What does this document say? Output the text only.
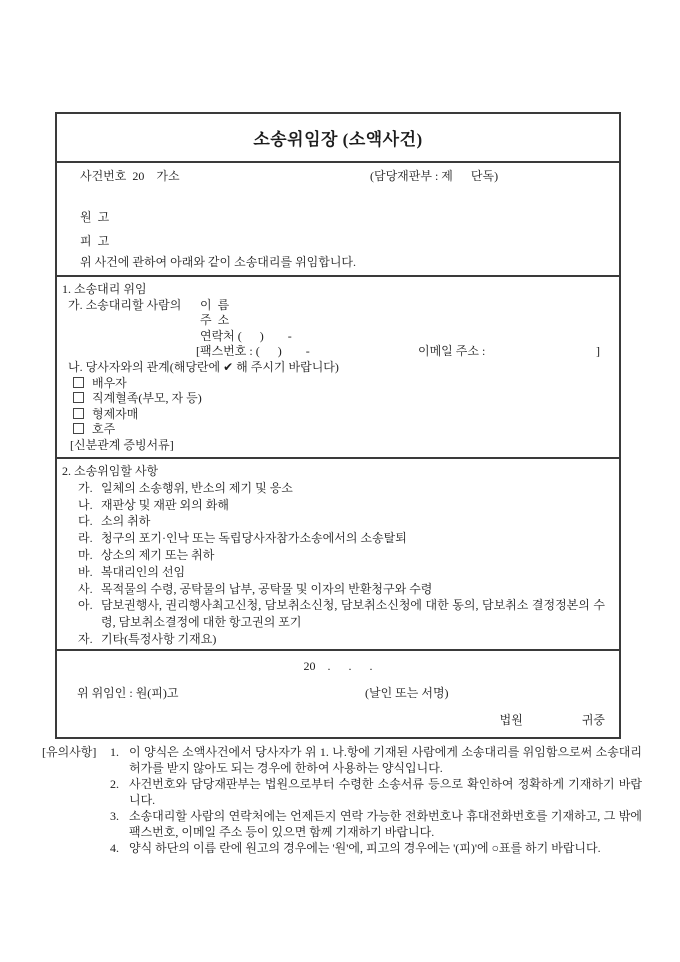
소송위임장 (소액사건)
사건번호  20    가소	(담당재판부 : 제      단독)
원  고
피  고
위 사건에 관하여 아래와 같이 소송대리를 위임합니다.
1. 소송대리 위임
가. 소송대리할 사람의 이  름
주  소
연락처 (      )        -
[팩스번호 : (      )        -	이메일 주소 :	]
나. 당사자와의 관계(해당란에 ✔ 해 주시기 바랍니다)
배우자
직계혈족(부모, 자 등)
형제자매
호주
[신분관계 증빙서류]
2. 소송위임할 사항
가. 일체의 소송행위, 반소의 제기 및 응소
나. 재판상 및 재판 외의 화해
다. 소의 취하
라. 청구의 포기·인낙 또는 독립당사자참가소송에서의 소송탈퇴
마. 상소의 제기 또는 취하
바. 복대리인의 선임
사. 목적물의 수령, 공탁물의 납부, 공탁물 및 이자의 반환청구와 수령
아. 담보권행사, 권리행사최고신청, 담보취소신청, 담보취소신청에 대한 동의, 담보취소 결정정본의 수령, 담보취소결정에 대한 항고권의 포기
자. 기타(특정사항 기재요)
20    .      .      .
위 위임인 : 원(피)고	(날인 또는 서명)
법원	귀중
[유의사항]	1. 이 양식은 소액사건에서 당사자가 위 1. 나.항에 기재된 사람에게 소송대리를 위임함으로써 소송대리허가를 받지 않아도 되는 경우에 한하여 사용하는 양식입니다.
2. 사건번호와 담당재판부는 법원으로부터 수령한 소송서류 등으로 확인하여 정확하게 기재하기 바랍니다.
3. 소송대리할 사람의 연락처에는 언제든지 연락 가능한 전화번호나 휴대전화번호를 기재하고, 그 밖에 팩스번호, 이메일 주소 등이 있으면 함께 기재하기 바랍니다.
4. 양식 하단의 이름 란에 원고의 경우에는 '원'에, 피고의 경우에는 '(피)'에 ○표를 하기 바랍니다.
